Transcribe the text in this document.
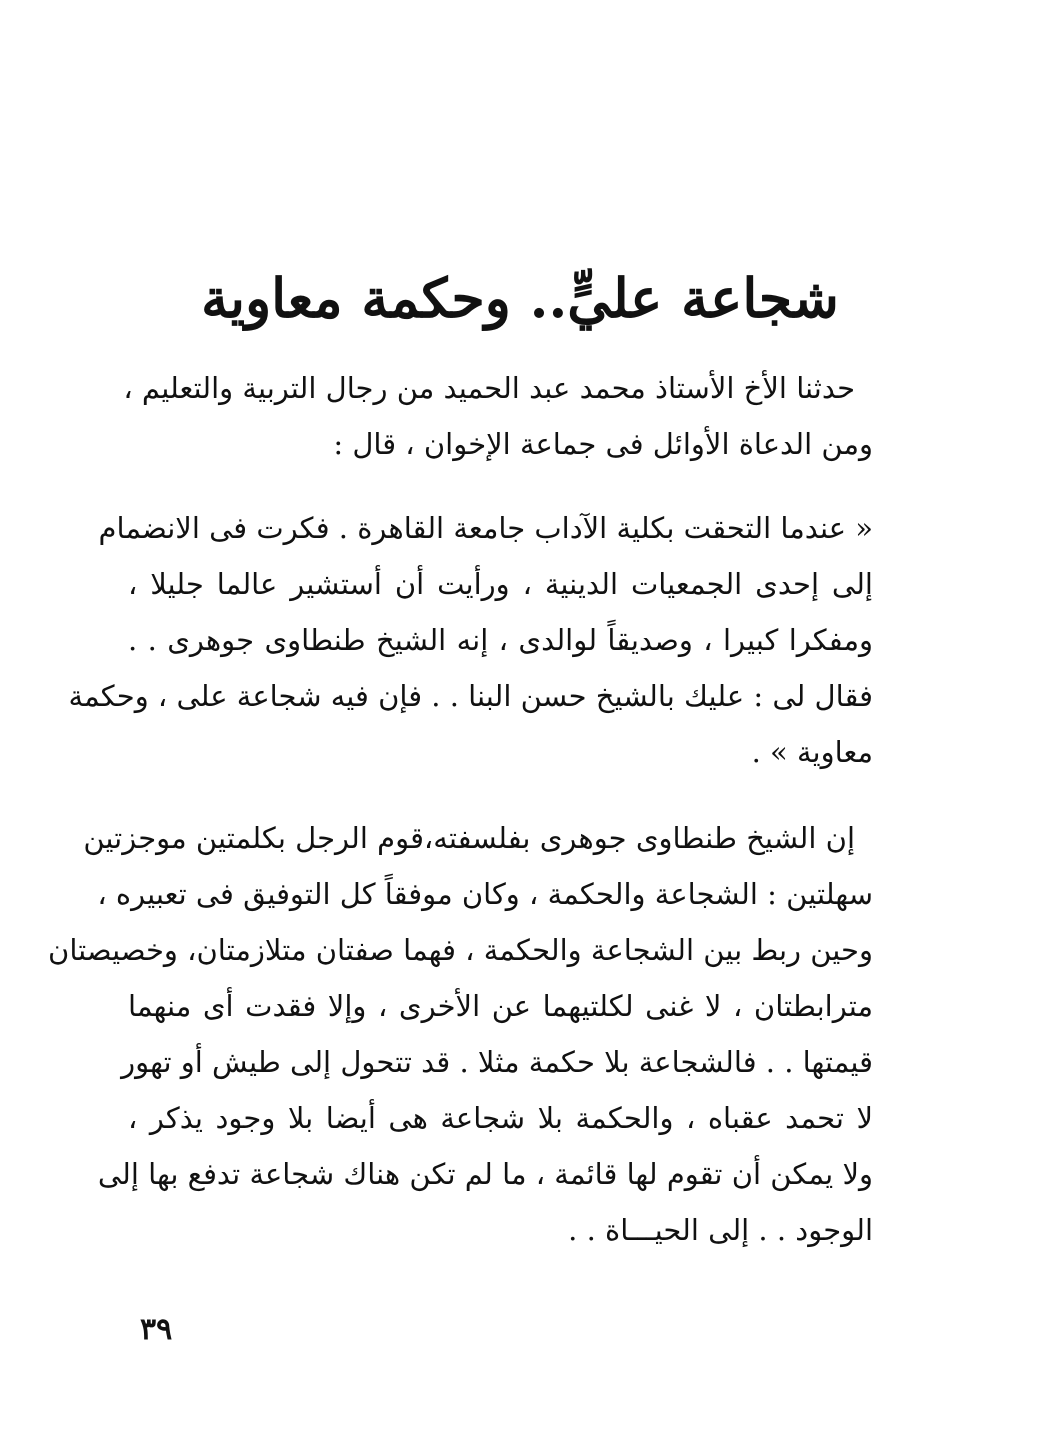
شجاعة عليٍّ.. وحكمة معاوية
حدثنا الأخ الأستاذ محمد عبد الحميد من رجال التربية والتعليم ،
ومن الدعاة الأوائل فى جماعة الإخوان ، قال :
« عندما التحقت بكلية الآداب جامعة القاهرة . فكرت فى الانضمام
إلى إحدى الجمعيات الدينية ، ورأيت أن أستشير عالما جليلا ،
ومفكرا كبيرا ، وصديقاً لوالدى ، إنه الشيخ طنطاوى جوهرى . .
فقال لى : عليك بالشيخ حسن البنا . . فإن فيه شجاعة على ، وحكمة
معاوية » .
إن الشيخ طنطاوى جوهرى بفلسفته،قوم الرجل بكلمتين موجزتين
سهلتين : الشجاعة والحكمة ، وكان موفقاً كل التوفيق فى تعبيره ،
وحين ربط بين الشجاعة والحكمة ، فهما صفتان متلازمتان، وخصيصتان
مترابطتان ، لا غنى لكلتيهما عن الأخرى ، وإلا فقدت أى منهما
قيمتها . . فالشجاعة بلا حكمة مثلا . قد تتحول إلى طيش أو تهور
لا تحمد عقباه ، والحكمة بلا شجاعة هى أيضا بلا وجود يذكر ،
ولا يمكن أن تقوم لها قائمة ، ما لم تكن هناك شجاعة تدفع بها إلى
الوجود . . إلى الحيـــاة . .
٣٩
